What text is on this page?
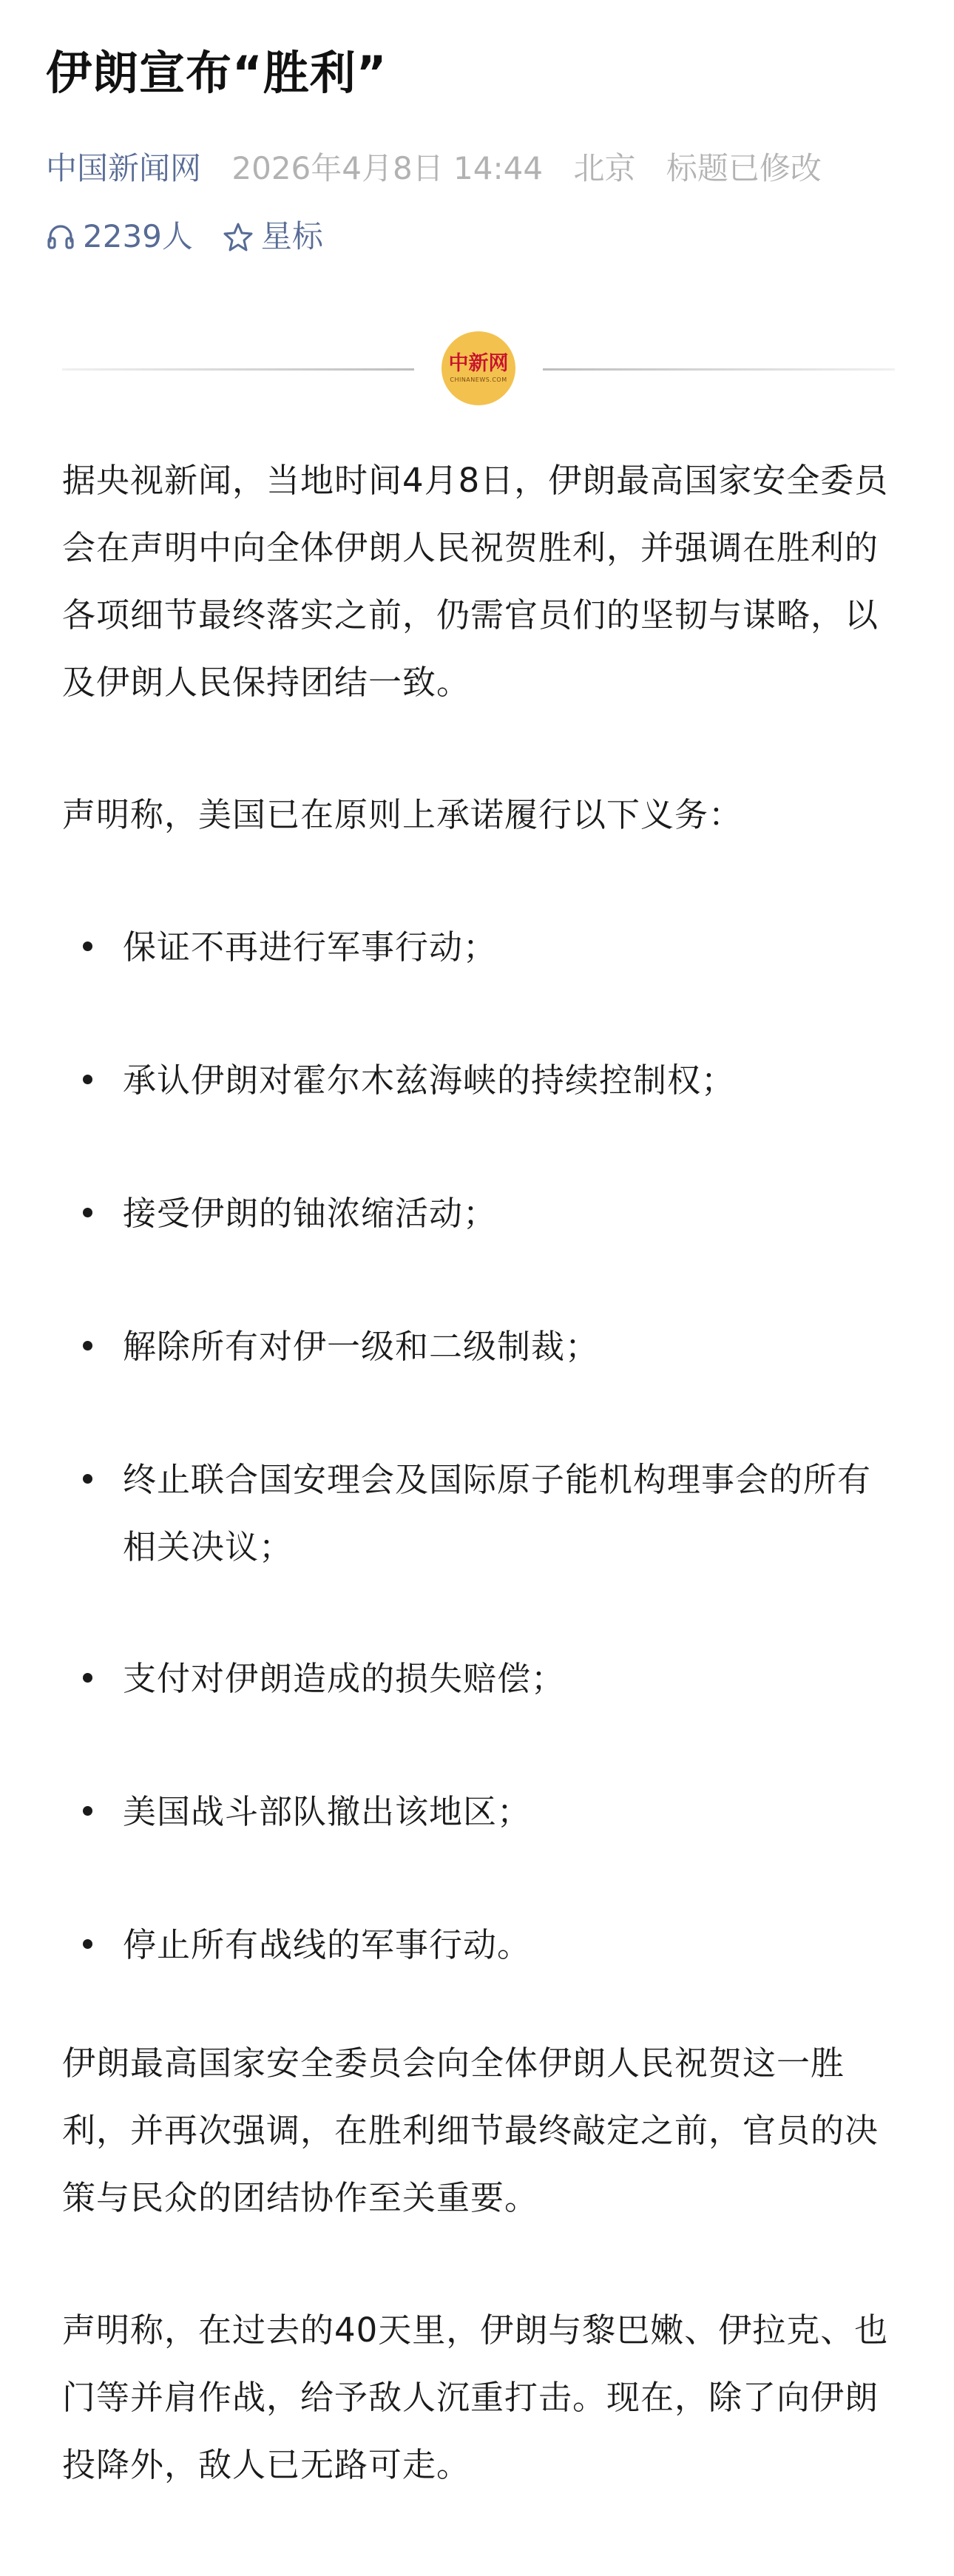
伊朗宣布“胜利”
中国新闻网 2026年4月8日 14:44 北京 标题已修改
2239人 星标
中新网
CHINANEWS.COM
据央视新闻，当地时间4月8日，伊朗最高国家安全委员会在声明中向全体伊朗人民祝贺胜利，并强调在胜利的各项细节最终落实之前，仍需官员们的坚韧与谋略，以及伊朗人民保持团结一致。
声明称，美国已在原则上承诺履行以下义务：
保证不再进行军事行动；
承认伊朗对霍尔木兹海峡的持续控制权；
接受伊朗的铀浓缩活动；
解除所有对伊一级和二级制裁；
终止联合国安理会及国际原子能机构理事会的所有相关决议；
支付对伊朗造成的损失赔偿；
美国战斗部队撤出该地区；
停止所有战线的军事行动。
伊朗最高国家安全委员会向全体伊朗人民祝贺这一胜利，并再次强调，在胜利细节最终敲定之前，官员的决策与民众的团结协作至关重要。
声明称，在过去的40天里，伊朗与黎巴嫩、伊拉克、也门等并肩作战，给予敌人沉重打击。现在，除了向伊朗投降外，敌人已无路可走。
